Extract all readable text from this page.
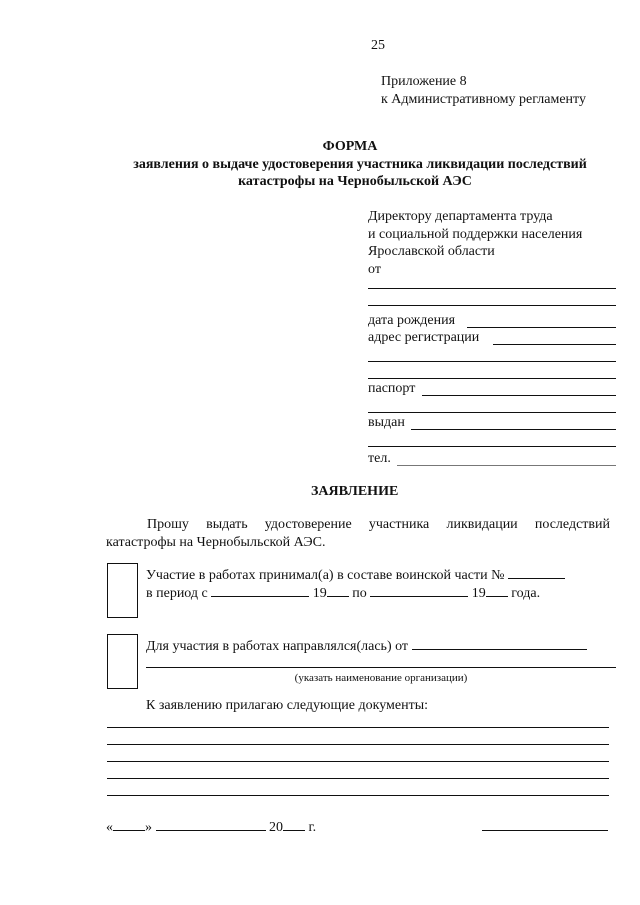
25
Приложение 8
к Административному регламенту
ФОРМА
заявления о выдаче удостоверения участника ликвидации последствий
катастрофы на Чернобыльской АЭС
Директору департамента труда
и социальной поддержки населения
Ярославской области
от
дата рождения
адрес регистрации
паспорт
выдан
тел.
ЗАЯВЛЕНИЕ
Прошу выдать удостоверение участника ликвидации последствий
катастрофы на Чернобыльской АЭС.
Участие в работах принимал(а) в составе воинской части №
в период с	19 по	19 года.
Для участия в работах направлялся(лась) от
(указать наименование организации)
К заявлению прилагаю следующие документы:
« »	20 г.
